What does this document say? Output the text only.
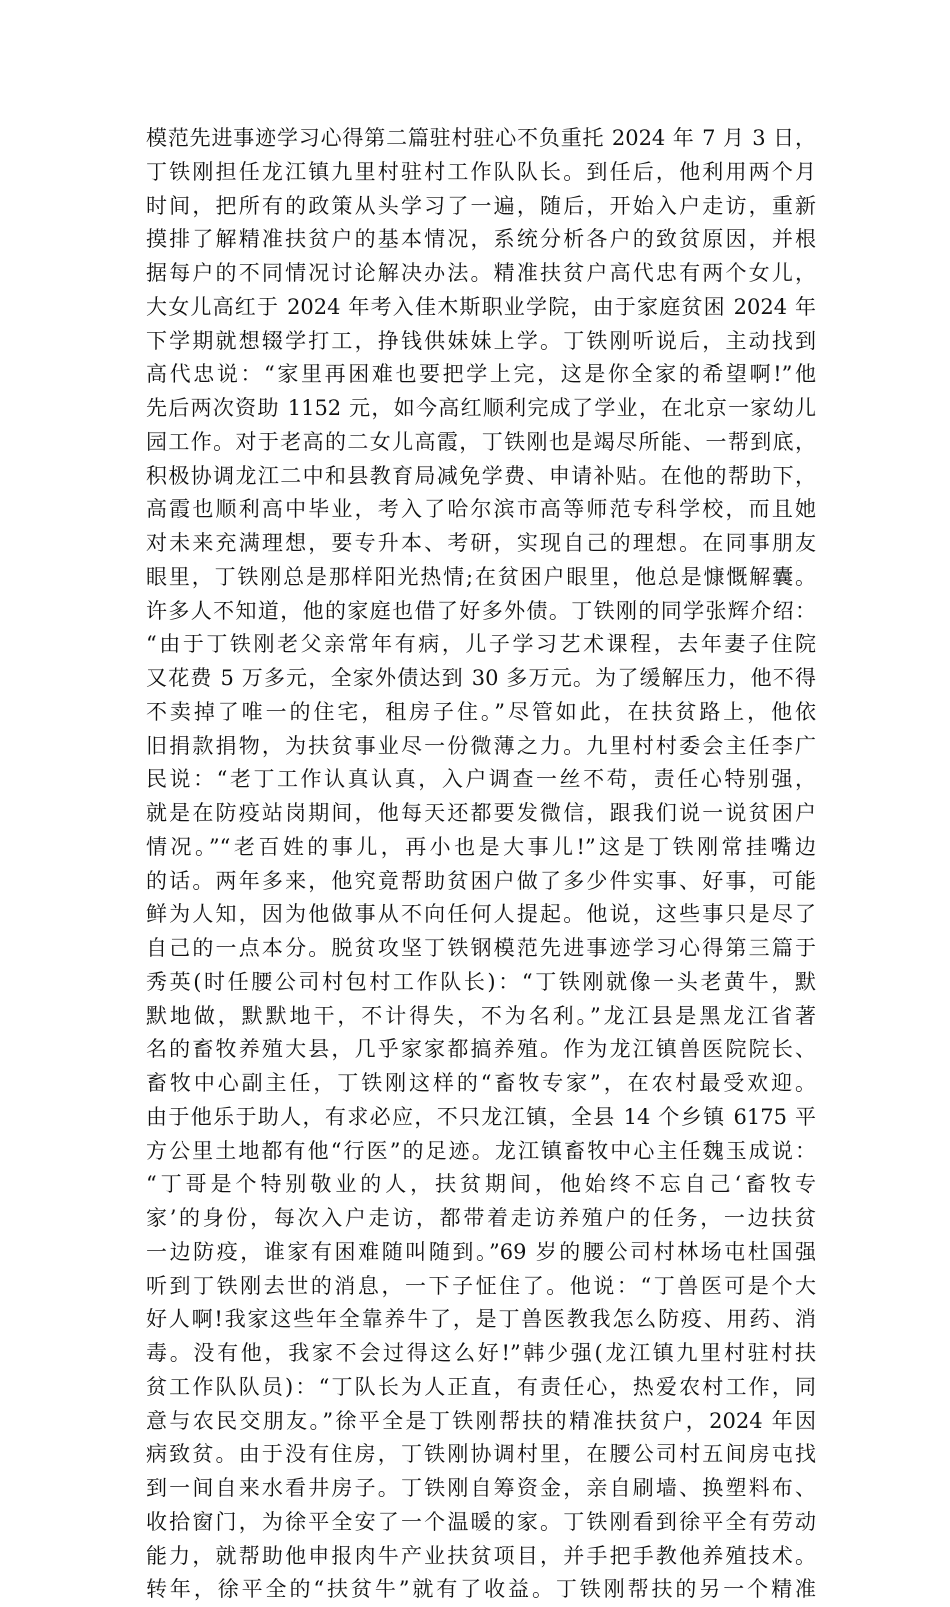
模范先进事迹学习心得第二篇驻村驻心不负重托 2024 年 7 月 3 日，
丁铁刚担任龙江镇九里村驻村工作队队长。到任后，他利用两个月
时间，把所有的政策从头学习了一遍，随后，开始入户走访，重新
摸排了解精准扶贫户的基本情况，系统分析各户的致贫原因，并根
据每户的不同情况讨论解决办法。精准扶贫户高代忠有两个女儿，
大女儿高红于 2024 年考入佳木斯职业学院，由于家庭贫困 2024 年
下学期就想辍学打工，挣钱供妹妹上学。丁铁刚听说后，主动找到
高代忠说：“家里再困难也要把学上完，这是你全家的希望啊!”他
先后两次资助 1152 元，如今高红顺利完成了学业，在北京一家幼儿
园工作。对于老高的二女儿高霞，丁铁刚也是竭尽所能、一帮到底，
积极协调龙江二中和县教育局减免学费、申请补贴。在他的帮助下，
高霞也顺利高中毕业，考入了哈尔滨市高等师范专科学校，而且她
对未来充满理想，要专升本、考研，实现自己的理想。在同事朋友
眼里，丁铁刚总是那样阳光热情;在贫困户眼里，他总是慷慨解囊。
许多人不知道，他的家庭也借了好多外债。丁铁刚的同学张辉介绍：
“由于丁铁刚老父亲常年有病，儿子学习艺术课程，去年妻子住院
又花费 5 万多元，全家外债达到 30 多万元。为了缓解压力，他不得
不卖掉了唯一的住宅，租房子住。”尽管如此，在扶贫路上，他依
旧捐款捐物，为扶贫事业尽一份微薄之力。九里村村委会主任李广
民说：“老丁工作认真认真，入户调查一丝不苟，责任心特别强，
就是在防疫站岗期间，他每天还都要发微信，跟我们说一说贫困户
情况。”“老百姓的事儿，再小也是大事儿!”这是丁铁刚常挂嘴边
的话。两年多来，他究竟帮助贫困户做了多少件实事、好事，可能
鲜为人知，因为他做事从不向任何人提起。他说，这些事只是尽了
自己的一点本分。脱贫攻坚丁铁钢模范先进事迹学习心得第三篇于
秀英(时任腰公司村包村工作队长)：“丁铁刚就像一头老黄牛，默
默地做，默默地干，不计得失，不为名利。”龙江县是黑龙江省著
名的畜牧养殖大县，几乎家家都搞养殖。作为龙江镇兽医院院长、
畜牧中心副主任，丁铁刚这样的“畜牧专家”，在农村最受欢迎。
由于他乐于助人，有求必应，不只龙江镇，全县 14 个乡镇 6175 平
方公里土地都有他“行医”的足迹。龙江镇畜牧中心主任魏玉成说：
“丁哥是个特别敬业的人，扶贫期间，他始终不忘自己‘畜牧专
家’的身份，每次入户走访，都带着走访养殖户的任务，一边扶贫
一边防疫，谁家有困难随叫随到。”69 岁的腰公司村林场屯杜国强
听到丁铁刚去世的消息，一下子怔住了。他说：“丁兽医可是个大
好人啊!我家这些年全靠养牛了，是丁兽医教我怎么防疫、用药、消
毒。没有他，我家不会过得这么好!”韩少强(龙江镇九里村驻村扶
贫工作队队员)：“丁队长为人正直，有责任心，热爱农村工作，同
意与农民交朋友。”徐平全是丁铁刚帮扶的精准扶贫户，2024 年因
病致贫。由于没有住房，丁铁刚协调村里，在腰公司村五间房屯找
到一间自来水看井房子。丁铁刚自筹资金，亲自刷墙、换塑料布、
收拾窗门，为徐平全安了一个温暖的家。丁铁刚看到徐平全有劳动
能力，就帮助他申报肉牛产业扶贫项目，并手把手教他养殖技术。
转年，徐平全的“扶贫牛”就有了收益。丁铁刚帮扶的另一个精准
